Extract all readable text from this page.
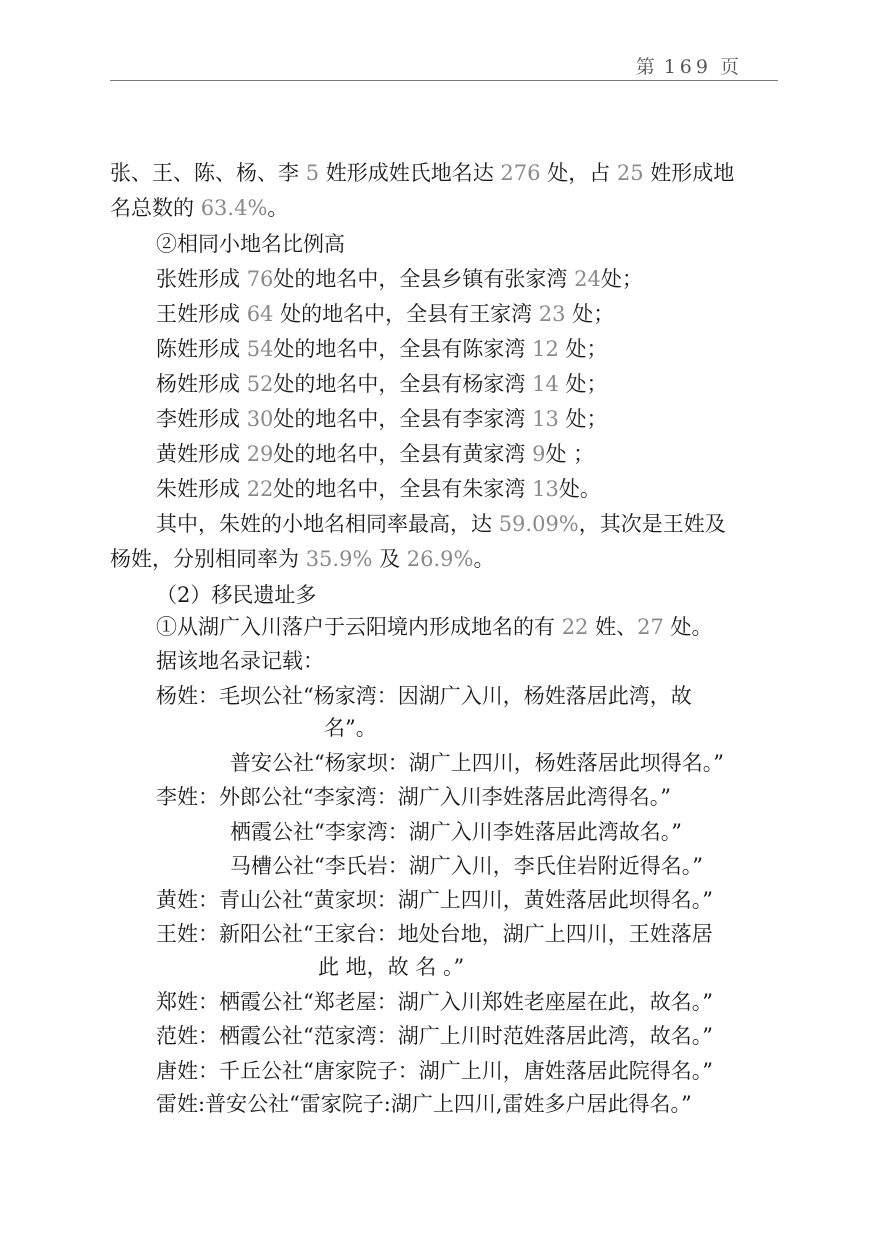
第 169 页
张、王、陈、杨、李 5 姓形成姓氏地名达 276 处，占 25 姓形成地
名总数的 63.4%。
②相同小地名比例高
张姓形成 76处的地名中，全县乡镇有张家湾 24处；
王姓形成 64 处的地名中，全县有王家湾 23 处；
陈姓形成 54处的地名中，全县有陈家湾 12 处；
杨姓形成 52处的地名中，全县有杨家湾 14 处；
李姓形成 30处的地名中，全县有李家湾 13 处；
黄姓形成 29处的地名中，全县有黄家湾 9处 ；
朱姓形成 22处的地名中，全县有朱家湾 13处。
其中，朱姓的小地名相同率最高，达 59.09%，其次是王姓及
杨姓，分别相同率为 35.9% 及 26.9%。
（2）移民遗址多
①从湖广入川落户于云阳境内形成地名的有 22 姓、27 处。
据该地名录记载：
杨姓：毛坝公社“杨家湾：因湖广入川，杨姓落居此湾，故
名”。
普安公社“杨家坝：湖广上四川，杨姓落居此坝得名。”
李姓：外郎公社“李家湾：湖广入川李姓落居此湾得名。”
栖霞公社“李家湾：湖广入川李姓落居此湾故名。”
马槽公社“李氏岩：湖广入川，李氏住岩附近得名。”
黄姓：青山公社“黄家坝：湖广上四川，黄姓落居此坝得名。”
王姓：新阳公社“王家台：地处台地，湖广上四川，王姓落居
此 地，故 名 。”
郑姓：栖霞公社“郑老屋：湖广入川郑姓老座屋在此，故名。”
范姓：栖霞公社“范家湾：湖广上川时范姓落居此湾，故名。”
唐姓：千丘公社“唐家院子：湖广上川，唐姓落居此院得名。”
雷姓:普安公社“雷家院子:湖广上四川,雷姓多户居此得名。”
